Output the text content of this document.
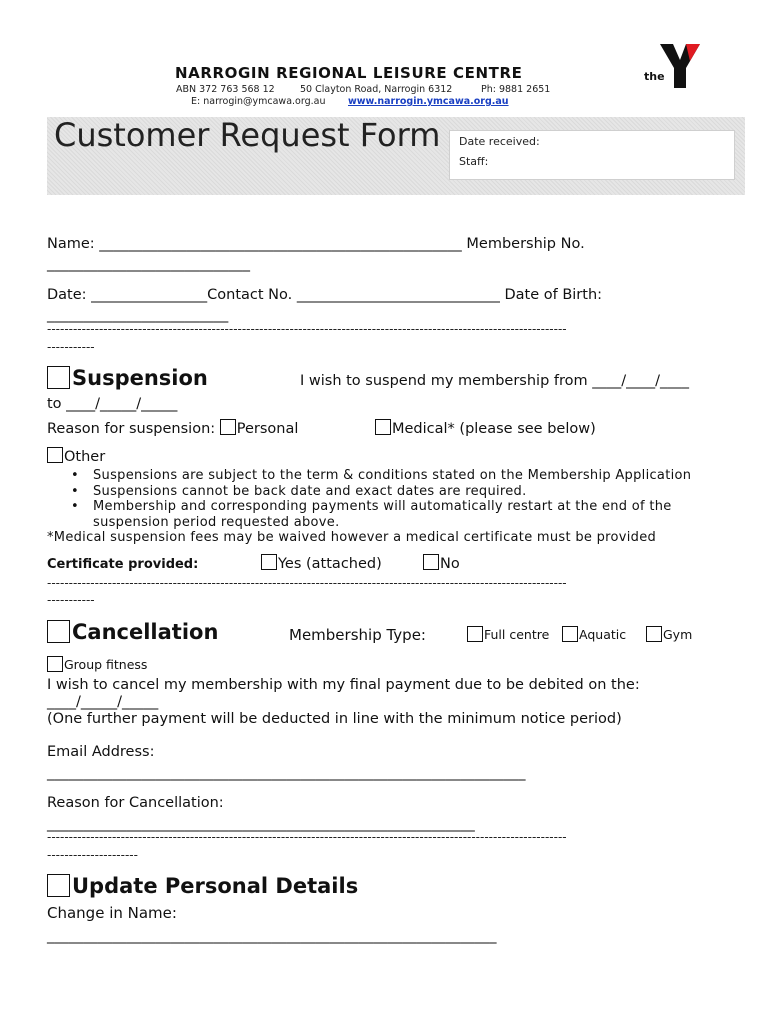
NARROGIN REGIONAL LEISURE CENTRE
ABN 372 763 568 12	50 Clayton Road, Narrogin 6312	Ph: 9881 2651
E: narrogin@ymcawa.org.au www.narrogin.ymcawa.org.au
the
Customer Request Form Date received:
Staff:
Name: __________________________________________________ Membership No.
____________________________
Date: ________________Contact No. ____________________________ Date of Birth:
_________________________
------------------------------------------------------------------------------------------------------------------------
-----------
Suspension	I wish to suspend my membership from ____/____/____
to ____/_____/_____
Reason for suspension: Personal	Medical* (please see below)
Other
• Suspensions are subject to the term & conditions stated on the Membership Application
• Suspensions cannot be back date and exact dates are required.
• Membership and corresponding payments will automatically restart at the end of the suspension period requested above.
*Medical suspension fees may be waived however a medical certificate must be provided
Certificate provided:	Yes (attached)	No
------------------------------------------------------------------------------------------------------------------------
-----------
Cancellation	Membership Type:	Full centre	Aquatic	Gym
Group fitness
I wish to cancel my membership with my final payment due to be debited on the:
____/_____/_____
(One further payment will be deducted in line with the minimum notice period)
Email Address:
__________________________________________________________________
Reason for Cancellation:
___________________________________________________________
------------------------------------------------------------------------------------------------------------------------
---------------------
Update Personal Details
Change in Name:
______________________________________________________________
